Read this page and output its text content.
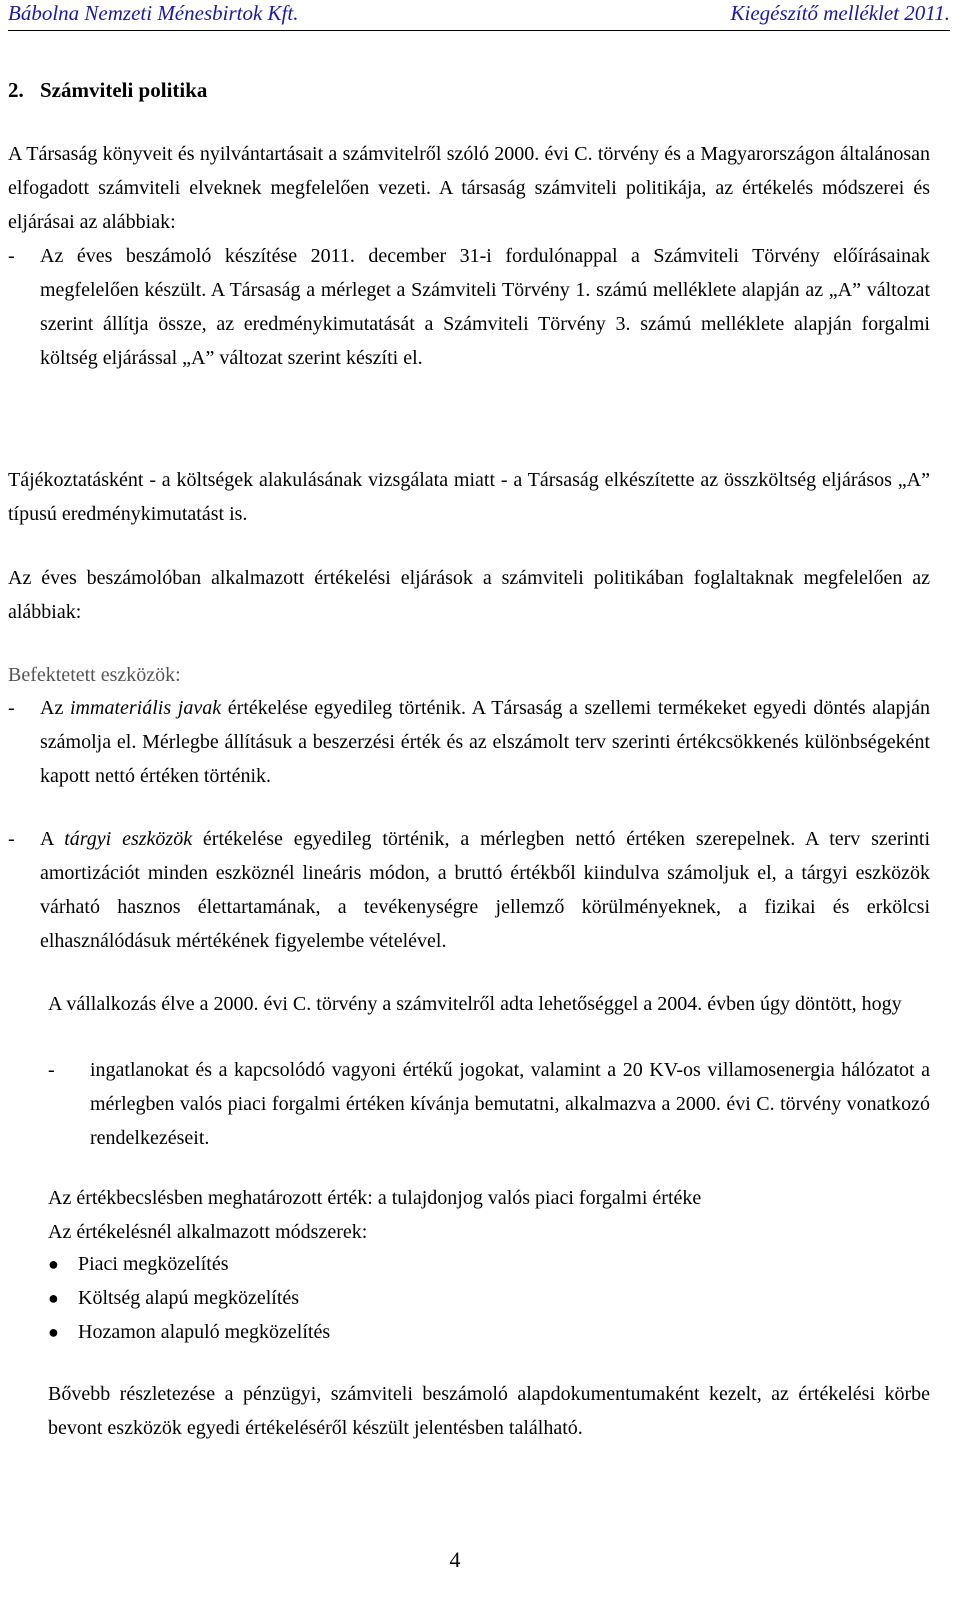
Bábolna Nemzeti Ménesbirtok Kft.	Kiegészítő melléklet 2011.
2. Számviteli politika
A Társaság könyveit és nyilvántartásait a számvitelről szóló 2000. évi C. törvény és a Magyarországon általánosan elfogadott számviteli elveknek megfelelően vezeti. A társaság számviteli politikája, az értékelés módszerei és eljárásai az alábbiak:
-	Az éves beszámoló készítése 2011. december 31-i fordulónappal a Számviteli Törvény előírásainak megfelelően készült. A Társaság a mérleget a Számviteli Törvény 1. számú melléklete alapján az „A” változat szerint állítja össze, az eredménykimutatását a Számviteli Törvény 3. számú melléklete alapján forgalmi költség eljárással „A” változat szerint készíti el.
Tájékoztatásként - a költségek alakulásának vizsgálata miatt - a Társaság elkészítette az összköltség eljárásos „A” típusú eredménykimutatást is.
Az éves beszámolóban alkalmazott értékelési eljárások a számviteli politikában foglaltaknak megfelelően az alábbiak:
Befektetett eszközök:
-	Az immateriális javak értékelése egyedileg történik. A Társaság a szellemi termékeket egyedi döntés alapján számolja el. Mérlegbe állításuk a beszerzési érték és az elszámolt terv szerinti értékcsökkenés különbségeként kapott nettó értéken történik.
-	A tárgyi eszközök értékelése egyedileg történik, a mérlegben nettó értéken szerepelnek. A terv szerinti amortizációt minden eszköznél lineáris módon, a bruttó értékből kiindulva számoljuk el, a tárgyi eszközök várható hasznos élettartamának, a tevékenységre jellemző körülményeknek, a fizikai és erkölcsi elhasználódásuk mértékének figyelembe vételével.
A vállalkozás élve a 2000. évi C. törvény a számvitelről adta lehetőséggel a 2004. évben úgy döntött, hogy
-	ingatlanokat és a kapcsolódó vagyoni értékű jogokat, valamint a 20 KV-os villamosenergia hálózatot a mérlegben valós piaci forgalmi értéken kívánja bemutatni, alkalmazva a 2000. évi C. törvény vonatkozó rendelkezéseit.
Az értékbecslésben meghatározott érték: a tulajdonjog valós piaci forgalmi értéke
Az értékelésnél alkalmazott módszerek:
● Piaci megközelítés
● Költség alapú megközelítés
● Hozamon alapuló megközelítés
Bővebb részletezése a pénzügyi, számviteli beszámoló alapdokumentumaként kezelt, az értékelési körbe bevont eszközök egyedi értékeléséről készült jelentésben található.
4
